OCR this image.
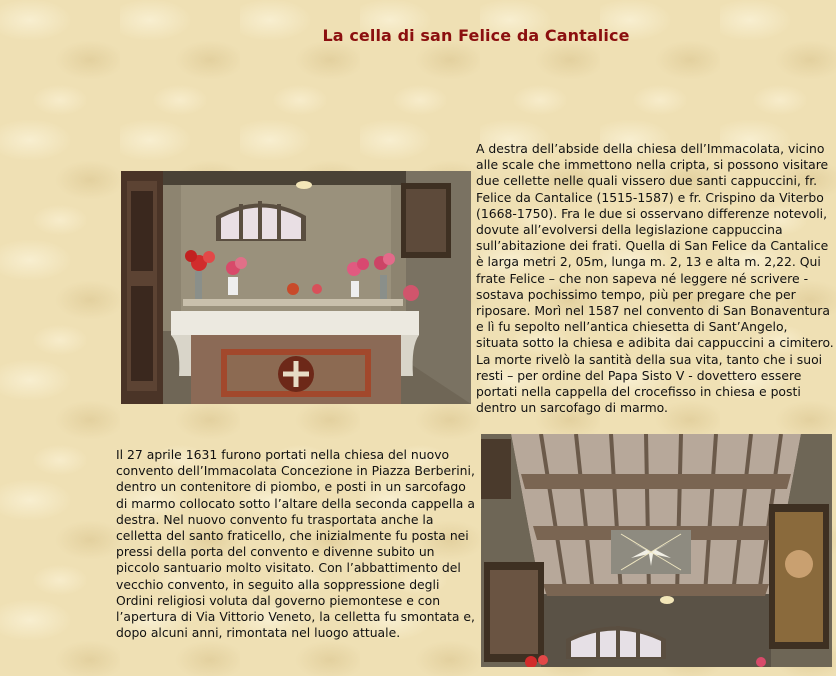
La cella di san Felice da Cantalice

A destra dell’abside della chiesa dell’Immacolata, vicino alle scale che immettono nella cripta, si possono visitare due cellette nelle quali vissero due santi cappuccini, fr. Felice da Cantalice (1515-1587) e fr. Crispino da Viterbo (1668-1750). Fra le due si osservano differenze notevoli, dovute all’evolversi della legislazione cappuccina sull’abitazione dei frati. Quella di San Felice da Cantalice è larga metri 2, 05m, lunga m. 2, 13 e alta m. 2,22. Qui frate Felice – che non sapeva né leggere né scrivere - sostava pochissimo tempo, più per pregare che per riposare. Morì nel 1587 nel convento di San Bonaventura e lì fu sepolto nell’antica chiesetta di Sant’Angelo, situata sotto la chiesa e adibita dai cappuccini a cimitero. La morte rivelò la santità della sua vita, tanto che i suoi resti – per ordine del Papa Sisto V - dovettero essere portati nella cappella del crocefisso in chiesa e posti dentro un sarcofago di marmo.

Il 27 aprile 1631 furono portati nella chiesa del nuovo convento dell’Immacolata Concezione in Piazza Berberini, dentro un contenitore di piombo, e posti in un sarcofago di marmo collocato sotto l’altare della seconda cappella a destra. Nel nuovo convento fu trasportata anche la celletta del santo fraticello, che inizialmente fu posta nei pressi della porta del convento e divenne subito un piccolo santuario molto visitato. Con l’abbattimento del vecchio convento, in seguito alla soppressione degli Ordini religiosi voluta dal governo piemontese e con l’apertura di Via Vittorio Veneto, la celletta fu smontata e, dopo alcuni anni, rimontata nel luogo attuale.
